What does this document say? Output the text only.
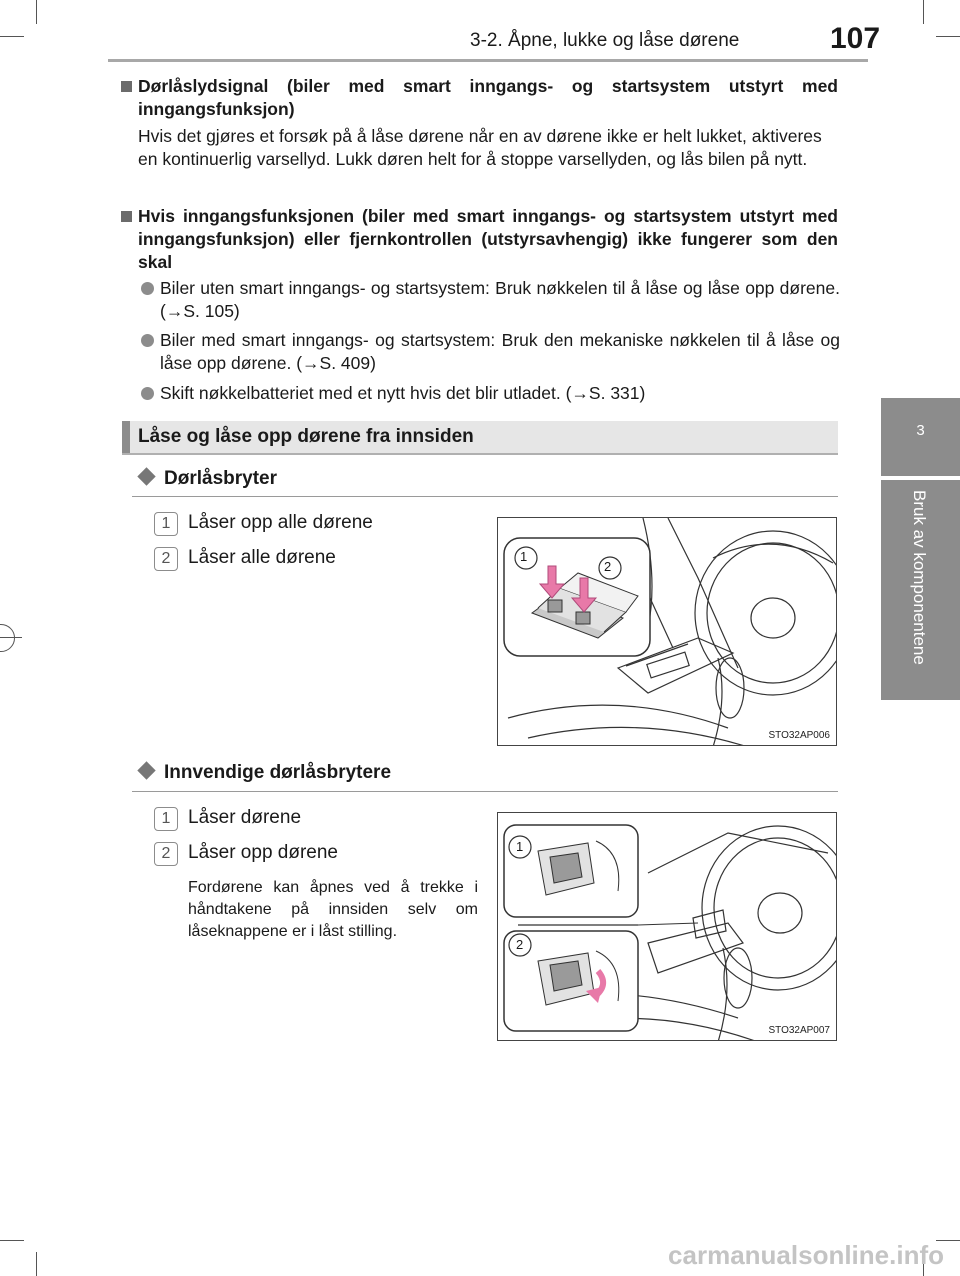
3-2. Åpne, lukke og låse dørene	107
3
Bruk av komponentene
Dørlåslydsignal (biler med smart inngangs- og startsystem utstyrt med inngangsfunksjon)
Hvis det gjøres et forsøk på å låse dørene når en av dørene ikke er helt lukket, aktiveres en kontinuerlig varsellyd. Lukk døren helt for å stoppe varsellyden, og lås bilen på nytt.
Hvis inngangsfunksjonen (biler med smart inngangs- og startsystem utstyrt med inngangsfunksjon) eller fjernkontrollen (utstyrsavhengig) ikke fungerer som den skal
Biler uten smart inngangs- og startsystem: Bruk nøkkelen til å låse og låse opp dørene. (→S. 105)
Biler med smart inngangs- og startsystem: Bruk den mekaniske nøkkelen til å låse og låse opp dørene. (→S. 409)
Skift nøkkelbatteriet med et nytt hvis det blir utladet. (→S. 331)
Låse og låse opp dørene fra innsiden
Dørlåsbryter
1 Låser opp alle dørene
2 Låser alle dørene	1
2
STO32AP006
Innvendige dørlåsbrytere
1 Låser dørene
2 Låser opp dørene
Fordørene kan åpnes ved å trekke i håndtakene på innsiden selv om låseknappene er i låst stilling.
1
2
STO32AP007
carmanualsonline.info
